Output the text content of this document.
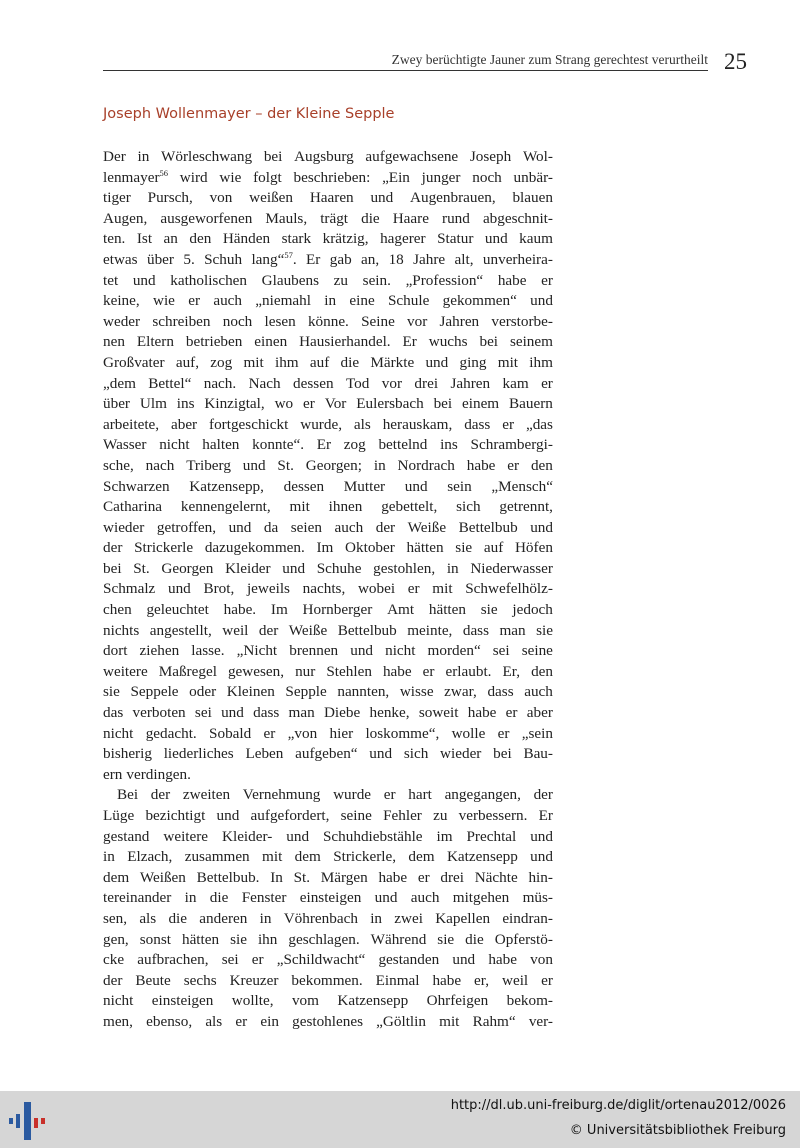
Zwey berüchtigte Jauner zum Strang gerechtest verurtheilt 25
Joseph Wollenmayer – der Kleine Sepple
Der in Wörleschwang bei Augsburg aufgewachsene Joseph Wol-
lenmayer$^{56}$ wird wie folgt beschrieben: „Ein junger noch unbär-
tiger Pursch, von weißen Haaren und Augenbrauen, blauen
Augen, ausgeworfenen Mauls, trägt die Haare rund abgeschnit-
ten. Ist an den Händen stark krätzig, hagerer Statur und kaum
etwas über 5. Schuh lang“$^{57}$. Er gab an, 18 Jahre alt, unverheira-
tet und katholischen Glaubens zu sein. „Profession“ habe er
keine, wie er auch „niemahl in eine Schule gekommen“ und
weder schreiben noch lesen könne. Seine vor Jahren verstorbe-
nen Eltern betrieben einen Hausierhandel. Er wuchs bei seinem
Großvater auf, zog mit ihm auf die Märkte und ging mit ihm
„dem Bettel“ nach. Nach dessen Tod vor drei Jahren kam er
über Ulm ins Kinzigtal, wo er Vor Eulersbach bei einem Bauern
arbeitete, aber fortgeschickt wurde, als herauskam, dass er „das
Wasser nicht halten konnte“. Er zog bettelnd ins Schrambergi-
sche, nach Triberg und St. Georgen; in Nordrach habe er den
Schwarzen Katzensepp, dessen Mutter und sein „Mensch“
Catharina kennengelernt, mit ihnen gebettelt, sich getrennt,
wieder getroffen, und da seien auch der Weiße Bettelbub und
der Strickerle dazugekommen. Im Oktober hätten sie auf Höfen
bei St. Georgen Kleider und Schuhe gestohlen, in Niederwasser
Schmalz und Brot, jeweils nachts, wobei er mit Schwefelhölz-
chen geleuchtet habe. Im Hornberger Amt hätten sie jedoch
nichts angestellt, weil der Weiße Bettelbub meinte, dass man sie
dort ziehen lasse. „Nicht brennen und nicht morden“ sei seine
weitere Maßregel gewesen, nur Stehlen habe er erlaubt. Er, den
sie Seppele oder Kleinen Sepple nannten, wisse zwar, dass auch
das verboten sei und dass man Diebe henke, soweit habe er aber
nicht gedacht. Sobald er „von hier loskomme“, wolle er „sein
bisherig liederliches Leben aufgeben“ und sich wieder bei Bau-
ern verdingen.
Bei der zweiten Vernehmung wurde er hart angegangen, der
Lüge bezichtigt und aufgefordert, seine Fehler zu verbessern. Er
gestand weitere Kleider- und Schuhdiebstähle im Prechtal und
in Elzach, zusammen mit dem Strickerle, dem Katzensepp und
dem Weißen Bettelbub. In St. Märgen habe er drei Nächte hin-
tereinander in die Fenster einsteigen und auch mitgehen müs-
sen, als die anderen in Vöhrenbach in zwei Kapellen eindran-
gen, sonst hätten sie ihn geschlagen. Während sie die Opferstö-
cke aufbrachen, sei er „Schildwacht“ gestanden und habe von
der Beute sechs Kreuzer bekommen. Einmal habe er, weil er
nicht einsteigen wollte, vom Katzensepp Ohrfeigen bekom-
men, ebenso, als er ein gestohlenes „Göltlin mit Rahm“ ver-
http://dl.ub.uni-freiburg.de/diglit/ortenau2012/0026
© Universitätsbibliothek Freiburg
